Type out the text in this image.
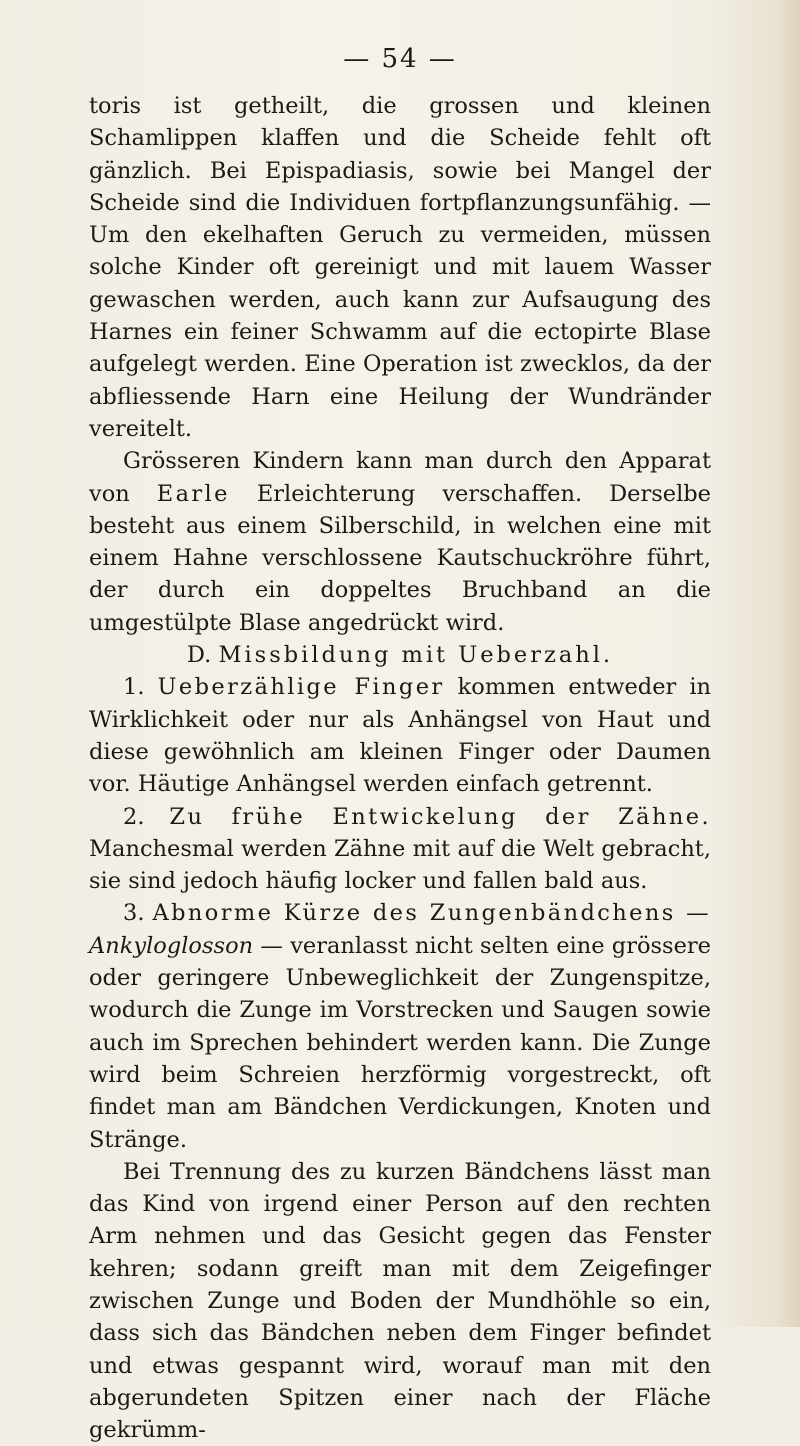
— 54 —

toris ist getheilt, die grossen und kleinen Schamlippen klaffen und die Scheide fehlt oft gänzlich. Bei Epispadiasis, sowie bei Mangel der Scheide sind die Individuen fortpflanzungsunfähig. — Um den ekelhaften Geruch zu vermeiden, müssen solche Kinder oft gereinigt und mit lauem Wasser gewaschen werden, auch kann zur Aufsaugung des Harnes ein feiner Schwamm auf die ectopirte Blase aufgelegt werden. Eine Operation ist zwecklos, da der abfliessende Harn eine Heilung der Wundränder vereitelt.

Grösseren Kindern kann man durch den Apparat von Earle Erleichterung verschaffen. Derselbe besteht aus einem Silberschild, in welchen eine mit einem Hahne verschlossene Kautschuckröhre führt, der durch ein doppeltes Bruchband an die umgestülpte Blase angedrückt wird.

D. Missbildung mit Ueberzahl.

1. Ueberzählige Finger kommen entweder in Wirklichkeit oder nur als Anhängsel von Haut und diese gewöhnlich am kleinen Finger oder Daumen vor. Häutige Anhängsel werden einfach getrennt.

2. Zu frühe Entwickelung der Zähne. Manchesmal werden Zähne mit auf die Welt gebracht, sie sind jedoch häufig locker und fallen bald aus.

3. Abnorme Kürze des Zungenbändchens — Ankyloglosson — veranlasst nicht selten eine grössere oder geringere Unbeweglichkeit der Zungenspitze, wodurch die Zunge im Vorstrecken und Saugen sowie auch im Sprechen behindert werden kann. Die Zunge wird beim Schreien herzförmig vorgestreckt, oft findet man am Bändchen Verdickungen, Knoten und Stränge.

Bei Trennung des zu kurzen Bändchens lässt man das Kind von irgend einer Person auf den rechten Arm nehmen und das Gesicht gegen das Fenster kehren; sodann greift man mit dem Zeigefinger zwischen Zunge und Boden der Mundhöhle so ein, dass sich das Bändchen neben dem Finger befindet und etwas gespannt wird, worauf man mit den abgerundeten Spitzen einer nach der Fläche gekrümm-
